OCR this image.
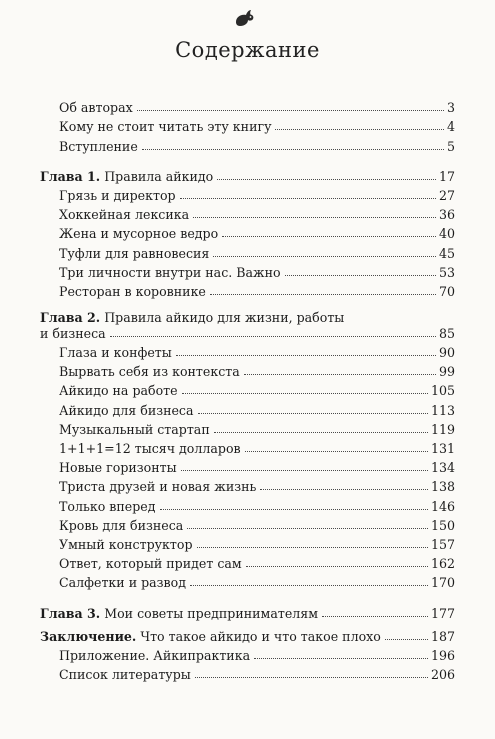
Содержание
Об авторах	3
Кому не стоит читать эту книгу	4
Вступление	5
Глава 1. Правила айкидо	17
Грязь и директор	27
Хоккейная лексика	36
Жена и мусорное ведро	40
Туфли для равновесия	45
Три личности внутри нас. Важно	53
Ресторан в коровнике	70
Глава 2. Правила айкидо для жизни, работы
и бизнеса	85
Глаза и конфеты	90
Вырвать себя из контекста	99
Айкидо на работе	105
Айкидо для бизнеса	113
Музыкальный стартап	119
1+1+1=12 тысяч долларов	131
Новые горизонты	134
Триста друзей и новая жизнь	138
Только вперед	146
Кровь для бизнеса	150
Умный конструктор	157
Ответ, который придет сам	162
Салфетки и развод	170
Глава 3. Мои советы предпринимателям	177
Заключение. Что такое айкидо и что такое плохо	187
Приложение. Айкипрактика	196
Список литературы	206
